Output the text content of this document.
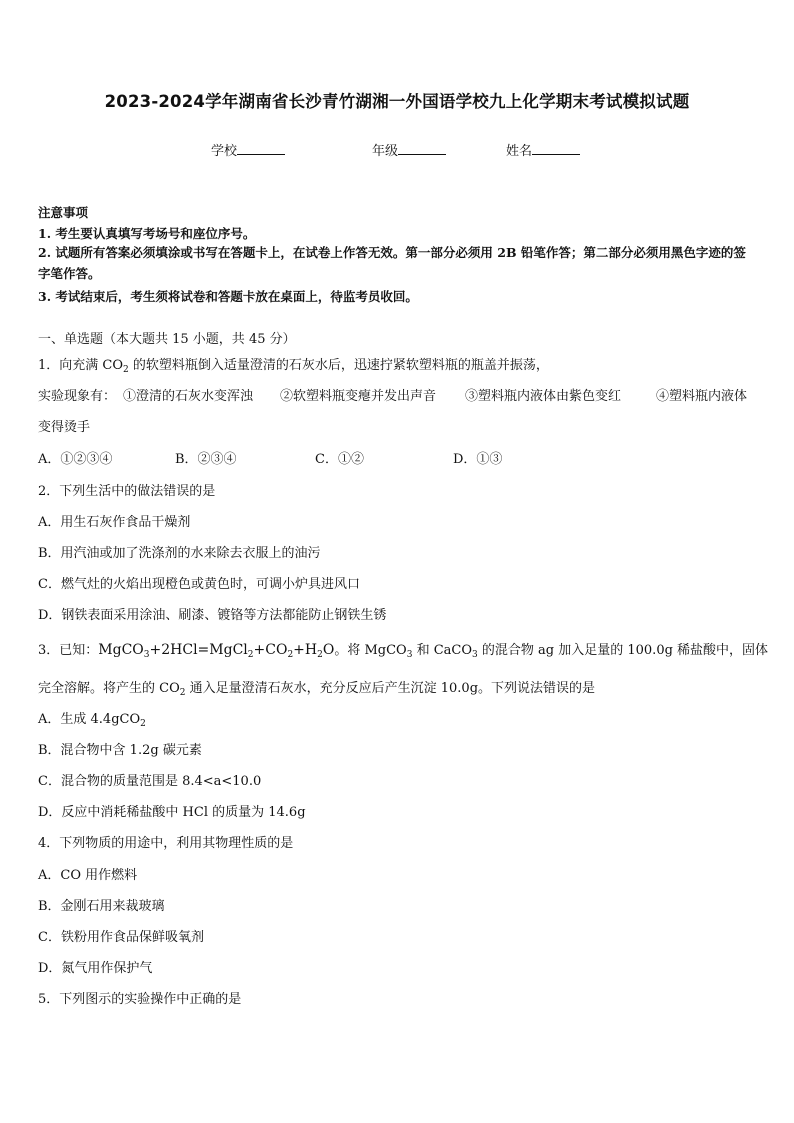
2023-2024学年湖南省长沙青竹湖湘一外国语学校九上化学期末考试模拟试题
学校	年级	姓名
注意事项
1. 考生要认真填写考场号和座位序号。
2. 试题所有答案必须填涂或书写在答题卡上，在试卷上作答无效。第一部分必须用 2B 铅笔作答；第二部分必须用黑色字迹的签字笔作答。
3. 考试结束后，考生须将试卷和答题卡放在桌面上，待监考员收回。
一、单选题（本大题共 15 小题，共 45 分）
1．向充满 $CO_2$ 的软塑料瓶倒入适量澄清的石灰水后，迅速拧紧软塑料瓶的瓶盖并振荡，
实验现象有： ①澄清的石灰水变浑浊 ②软塑料瓶变瘪并发出声音 ③塑料瓶内液体由紫色变红	④塑料瓶内液体
变得烫手
A．①②③④	B．②③④	C．①②	D．①③
2．下列生活中的做法错误的是
A．用生石灰作食品干燥剂
B．用汽油或加了洗涤剂的水来除去衣服上的油污
C．燃气灶的火焰出现橙色或黄色时，可调小炉具进风口
D．钢铁表面采用涂油、刷漆、镀铬等方法都能防止钢铁生锈
3．已知：$MgCO_3+2HCl=MgCl_2+CO_2+H_2O$。将 MgCO$_3$ 和 CaCO$_3$ 的混合物 ag 加入足量的 100.0g 稀盐酸中，固体
完全溶解。将产生的 $CO_2$ 通入足量澄清石灰水，充分反应后产生沉淀 10.0g。下列说法错误的是
A．生成 4.4gCO$_2$
B．混合物中含 1.2g 碳元素
C．混合物的质量范围是 8.4<a<10.0
D．反应中消耗稀盐酸中 HCl 的质量为 14.6g
4．下列物质的用途中，利用其物理性质的是
A．CO 用作燃料
B．金刚石用来裁玻璃
C．铁粉用作食品保鲜吸氧剂
D．氮气用作保护气
5．下列图示的实验操作中正确的是
